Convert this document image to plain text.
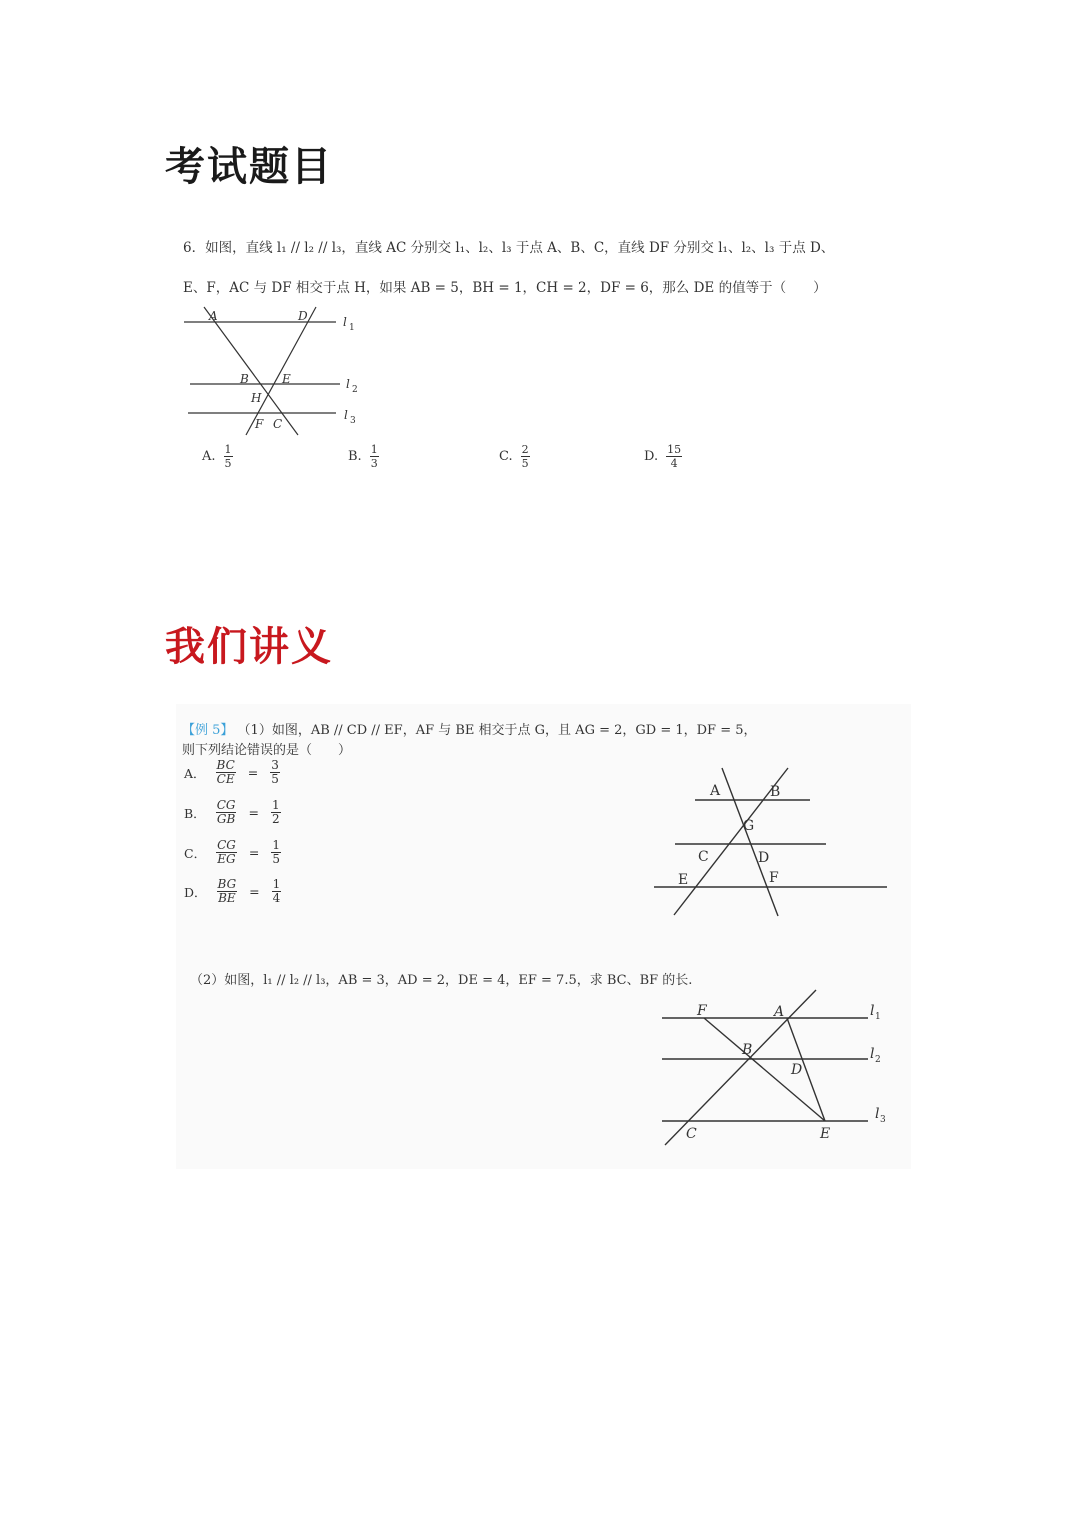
考试题目
6．如图，直线 l₁ // l₂ // l₃，直线 AC 分别交 l₁、l₂、l₃ 于点 A、B、C，直线 DF 分别交 l₁、l₂、l₃ 于点 D、
E、F，AC 与 DF 相交于点 H，如果 AB = 5，BH = 1，CH = 2，DF = 6，那么 DE 的值等于（　　）
A	D
B	E
H
F C
l 1
l 2
l 3
A. $\frac{1}{5}$	B. $\frac{1}{3}$	C. $\frac{2}{5}$	D. $\frac{15}{4}$
我们讲义
【例 5】 （1）如图，AB // CD // EF，AF 与 BE 相交于点 G，且 AG = 2，GD = 1，DF = 5，
则下列结论错误的是（　　）
A． $\frac{BC}{CE} = \frac{3}{5}$
B． $\frac{CG}{GB} = \frac{1}{2}$
C． $\frac{CG}{EG} = \frac{1}{5}$
D． $\frac{BG}{BE} = \frac{1}{4}$
A	B
G
C	D
E	F
（2）如图，l₁ // l₂ // l₃，AB = 3，AD = 2，DE = 4，EF = 7.5，求 BC、BF 的长.
F	A
B
D
C	E
l 1
l 2
l 3
